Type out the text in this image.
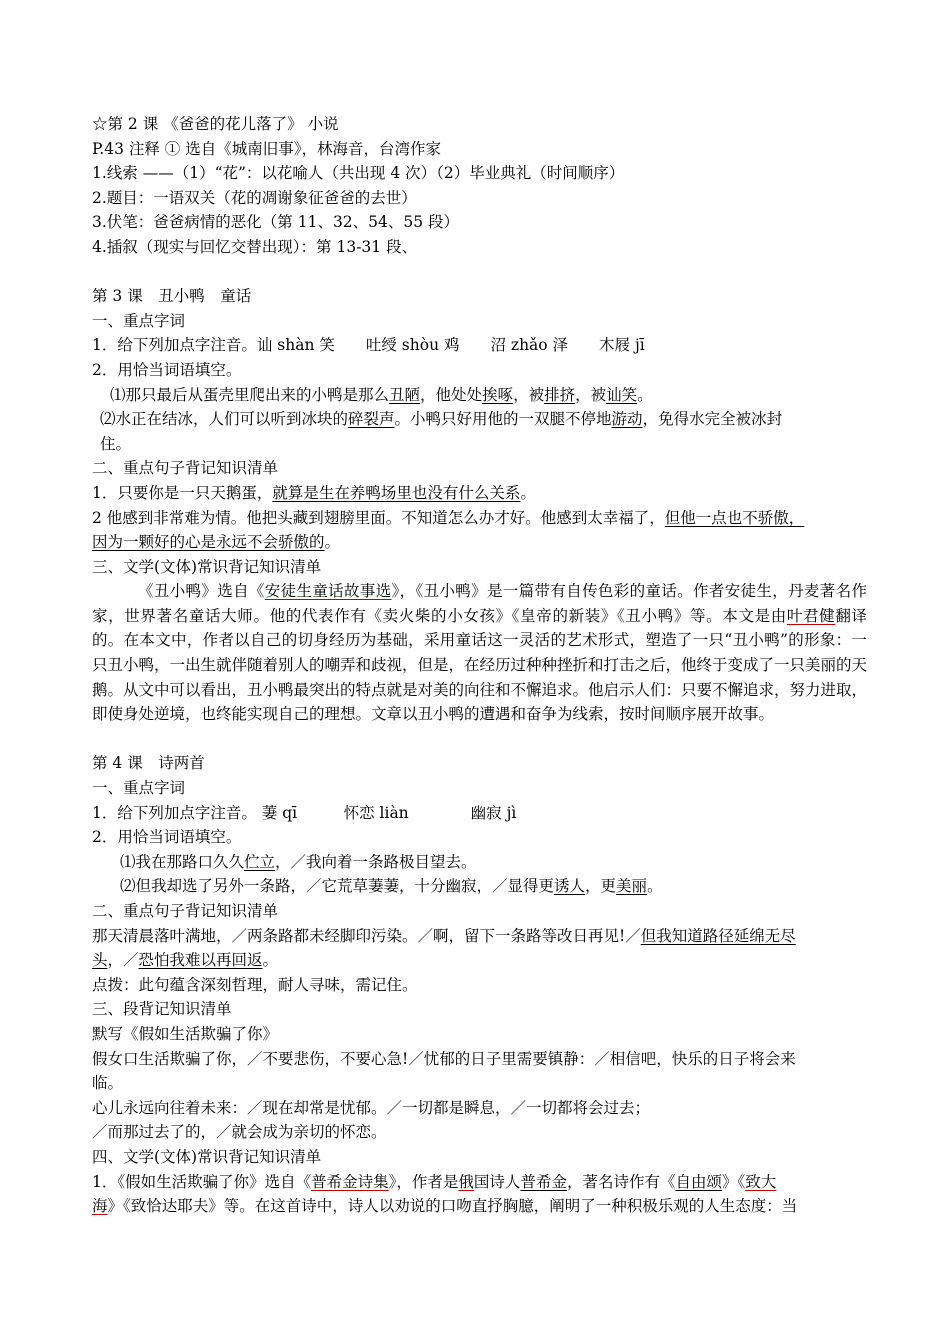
☆第 2 课 《爸爸的花儿落了》 小说
P.43 注释 ① 选自《城南旧事》，林海音，台湾作家
1.线索 ——（1）“花”：以花喻人（共出现 4 次）（2）毕业典礼（时间顺序）
2.题目：一语双关（花的凋谢象征爸爸的去世）
3.伏笔：爸爸病情的恶化（第 11、32、54、55 段）
4.插叙（现实与回忆交替出现）：第 13-31 段、
第 3 课　丑小鸭　童话
一、重点字词
1．给下列加点字注音。讪 shàn 笑　　吐绶 shòu 鸡　　沼 zhǎo 泽　　木屐 jī
2．用恰当词语填空。
⑴那只最后从蛋壳里爬出来的小鸭是那么丑陋，他处处挨啄，被排挤，被讪笑。
⑵水正在结冰，人们可以听到冰块的碎裂声。小鸭只好用他的一双腿不停地游动，免得水完全被冰封
住。
二、重点句子背记知识清单
1．只要你是一只天鹅蛋，就算是生在养鸭场里也没有什么关系。
2 他感到非常难为情。他把头藏到翅膀里面。不知道怎么办才好。他感到太幸福了，但他一点也不骄傲，
因为一颗好的心是永远不会骄傲的。
三、文学(文体)常识背记知识清单
《丑小鸭》选自《安徒生童话故事选》，《丑小鸭》是一篇带有自传色彩的童话。作者安徒生，丹麦著名作家，世界著名童话大师。他的代表作有《卖火柴的小女孩》《皇帝的新装》《丑小鸭》等。本文是由叶君健翻译的。在本文中，作者以自己的切身经历为基础，采用童话这一灵活的艺术形式，塑造了一只“丑小鸭”的形象：一只丑小鸭，一出生就伴随着别人的嘲弄和歧视，但是，在经历过种种挫折和打击之后，他终于变成了一只美丽的天鹅。从文中可以看出，丑小鸭最突出的特点就是对美的向往和不懈追求。他启示人们：只要不懈追求，努力进取，即使身处逆境，也终能实现自己的理想。文章以丑小鸭的遭遇和奋争为线索，按时间顺序展开故事。
第 4 课　诗两首
一、重点字词
1．给下列加点字注音。 萋 qī　　　怀恋 liàn　　　　幽寂 jì
2．用恰当词语填空。
⑴我在那路口久久伫立，／我向着一条路极目望去。
⑵但我却选了另外一条路，／它荒草萋萋，十分幽寂，／显得更诱人，更美丽。
二、重点句子背记知识清单
那天清晨落叶满地，／两条路都未经脚印污染。／啊，留下一条路等改日再见!／但我知道路径延绵无尽
头，／恐怕我难以再回返。
点拨：此句蕴含深刻哲理，耐人寻味，需记住。
三、段背记知识清单
默写《假如生活欺骗了你》
假女口生活欺骗了你，／不要悲伤，不要心急!／忧郁的日子里需要镇静：／相信吧，快乐的日子将会来
临。
心儿永远向往着未来：／现在却常是忧郁。／一切都是瞬息，／一切都将会过去；
／而那过去了的，／就会成为亲切的怀恋。
四、文学(文体)常识背记知识清单
1．《假如生活欺骗了你》选自《普希金诗集》，作者是俄国诗人普希金，著名诗作有《自由颂》《致大
海》《致恰达耶夫》等。在这首诗中，诗人以劝说的口吻直抒胸臆，阐明了一种积极乐观的人生态度：当
